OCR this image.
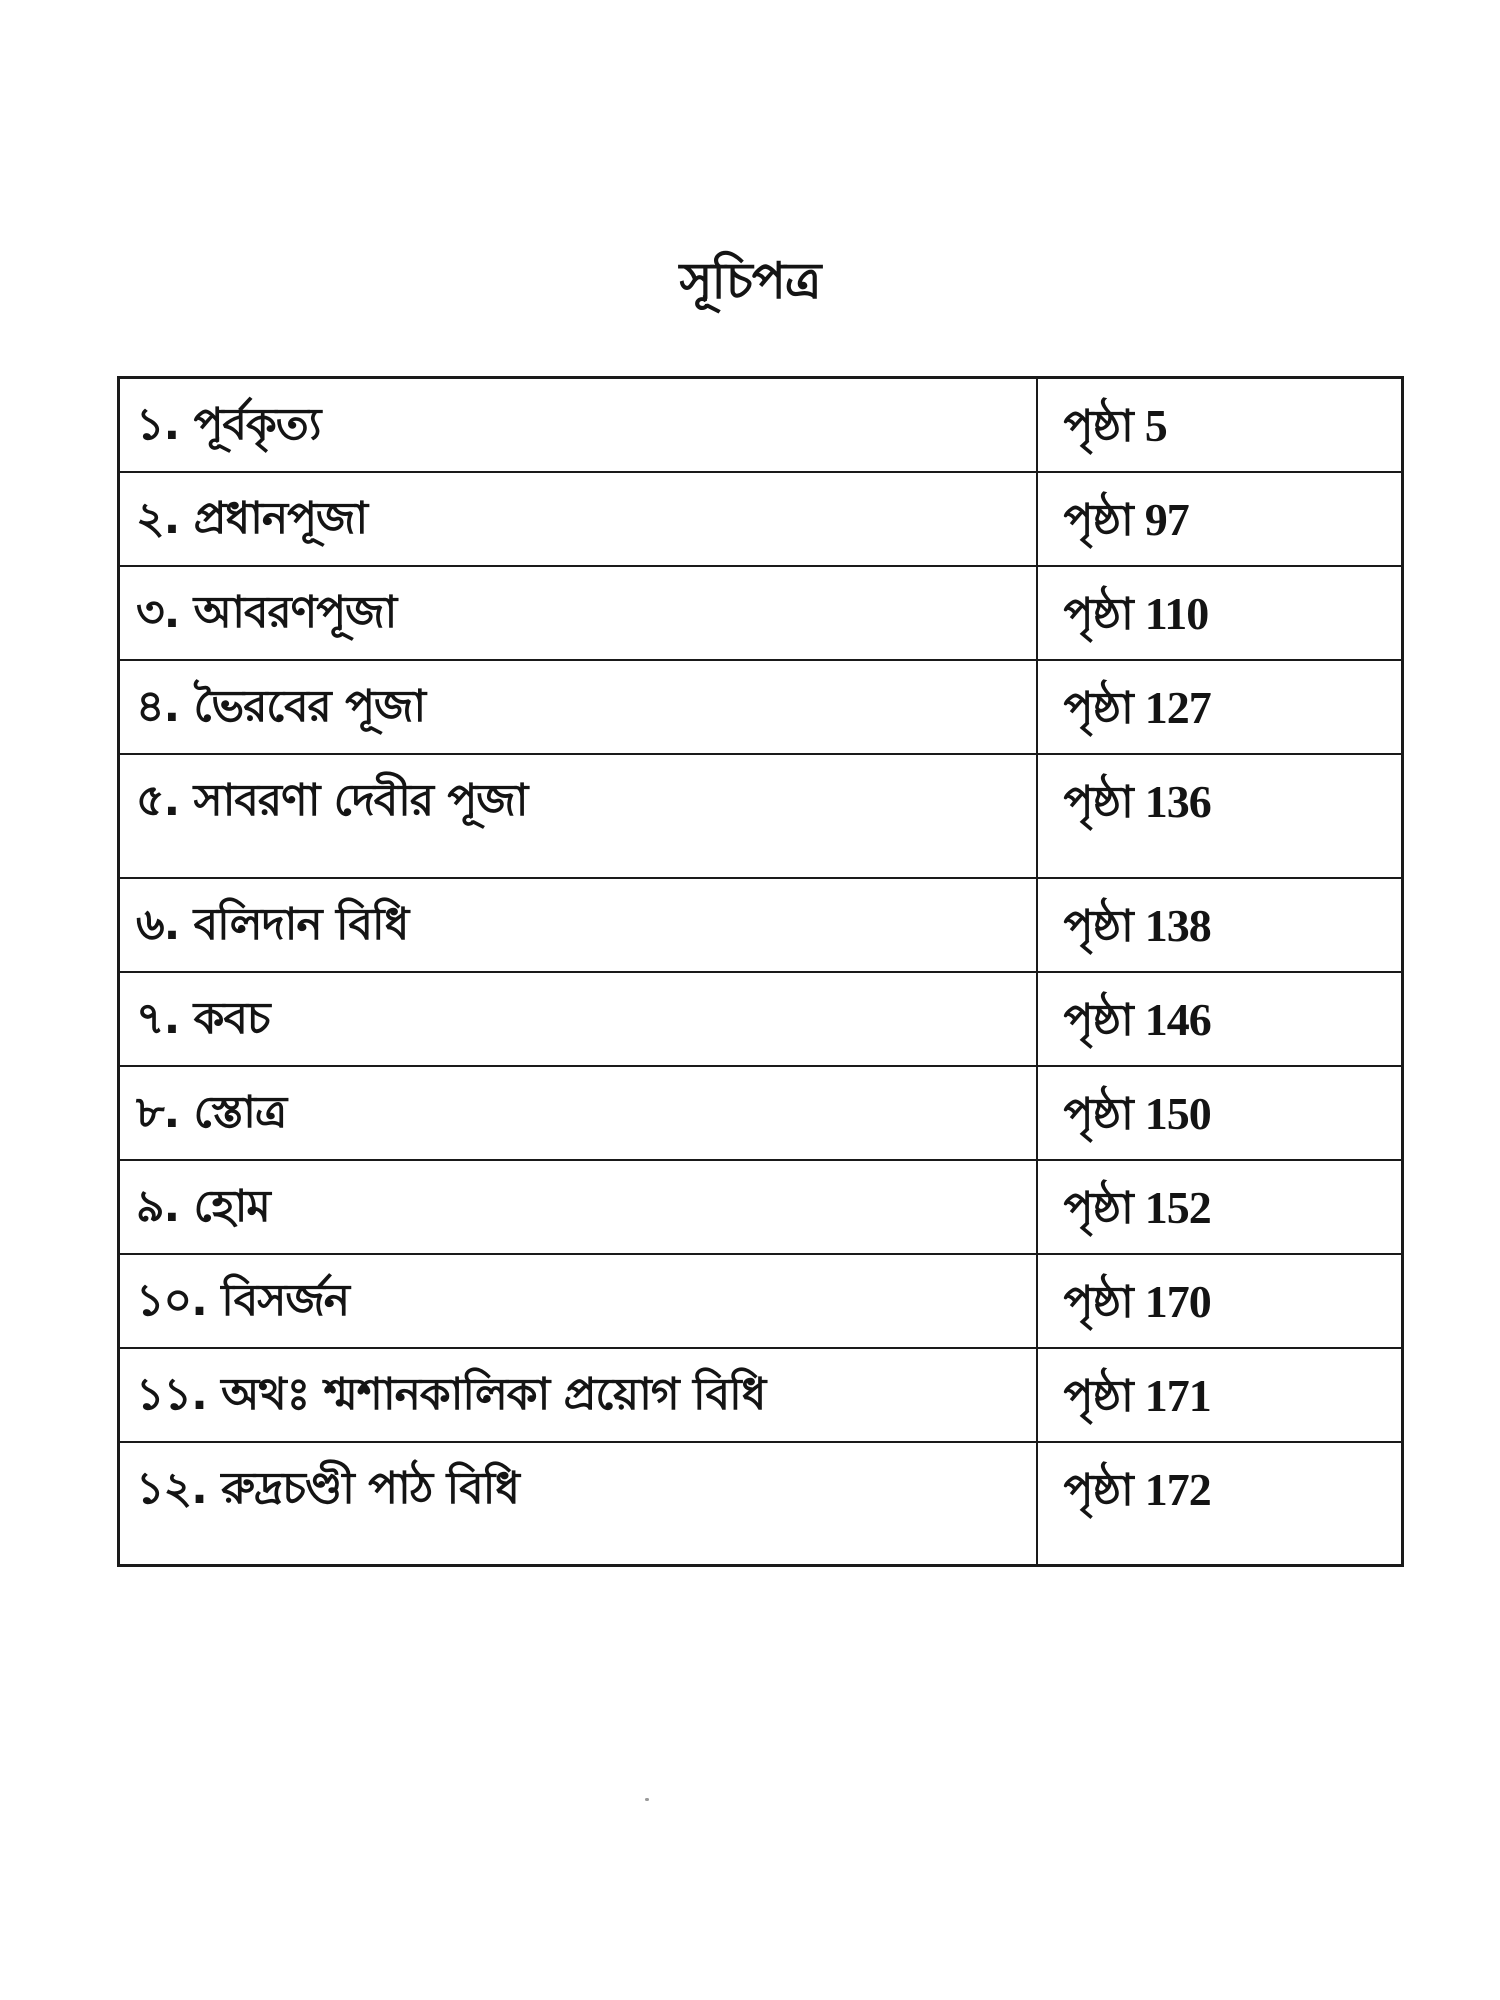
সূচিপত্র
১. পূর্বকৃত্য	পৃষ্ঠা 5

২. প্রধানপূজা	পৃষ্ঠা 97

৩. আবরণপূজা	পৃষ্ঠা 110

৪. ভৈরবের পূজা	পৃষ্ঠা 127

৫. সাবরণা দেবীর পূজা	পৃষ্ঠা 136

৬. বলিদান বিধি	পৃষ্ঠা 138

৭. কবচ	পৃষ্ঠা 146

৮. স্তোত্র	পৃষ্ঠা 150

৯. হোম	পৃষ্ঠা 152

১০. বিসর্জন	পৃষ্ঠা 170

১১. অথঃ শ্মশানকালিকা প্রয়োগ বিধি	পৃষ্ঠা 171

১২. রুদ্রচণ্ডী পাঠ বিধি	পৃষ্ঠা 172
